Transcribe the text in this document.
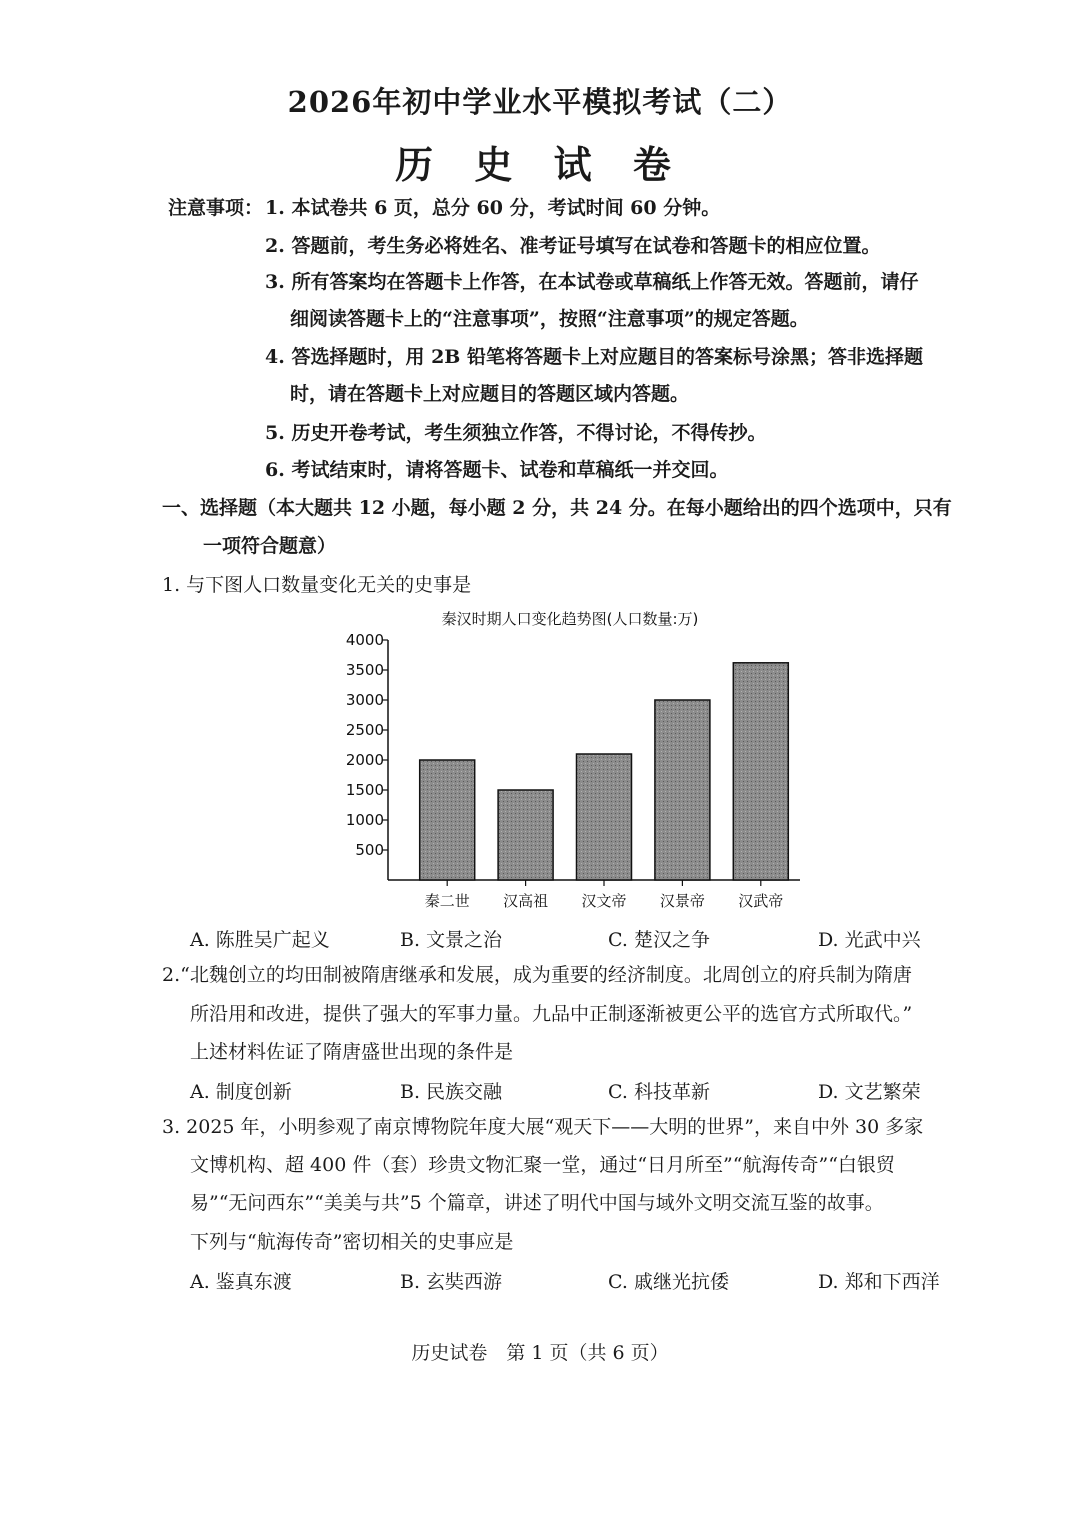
2026年初中学业水平模拟考试（二）
历 史 试 卷
注意事项： 1. 本试卷共 6 页，总分 60 分，考试时间 60 分钟。
2. 答题前，考生务必将姓名、准考证号填写在试卷和答题卡的相应位置。
3. 所有答案均在答题卡上作答，在本试卷或草稿纸上作答无效。答题前，请仔
细阅读答题卡上的“注意事项”，按照“注意事项”的规定答题。
4. 答选择题时，用 2B 铅笔将答题卡上对应题目的答案标号涂黑；答非选择题
时，请在答题卡上对应题目的答题区域内答题。
5. 历史开卷考试，考生须独立作答，不得讨论，不得传抄。
6. 考试结束时，请将答题卡、试卷和草稿纸一并交回。
一、选择题（本大题共 12 小题，每小题 2 分，共 24 分。在每小题给出的四个选项中，只有
一项符合题意）
1. 与下图人口数量变化无关的史事是
秦汉时期人口变化趋势图(人口数量:万)
500
1000
1500
2000
2500
3000
3500
4000
秦二世 汉高祖 汉文帝 汉景帝 汉武帝
A. 陈胜吴广起义	B. 文景之治	C. 楚汉之争	D. 光武中兴
2.“北魏创立的均田制被隋唐继承和发展，成为重要的经济制度。北周创立的府兵制为隋唐
所沿用和改进，提供了强大的军事力量。九品中正制逐渐被更公平的选官方式所取代。”
上述材料佐证了隋唐盛世出现的条件是
A. 制度创新	B. 民族交融	C. 科技革新	D. 文艺繁荣
3. 2025 年，小明参观了南京博物院年度大展“观天下——大明的世界”，来自中外 30 多家
文博机构、超 400 件（套）珍贵文物汇聚一堂，通过“日月所至”“航海传奇”“白银贸
易”“无问西东”“美美与共”5 个篇章，讲述了明代中国与域外文明交流互鉴的故事。
下列与“航海传奇”密切相关的史事应是
A. 鉴真东渡	B. 玄奘西游	C. 戚继光抗倭	D. 郑和下西洋
历史试卷　第 1 页（共 6 页）
